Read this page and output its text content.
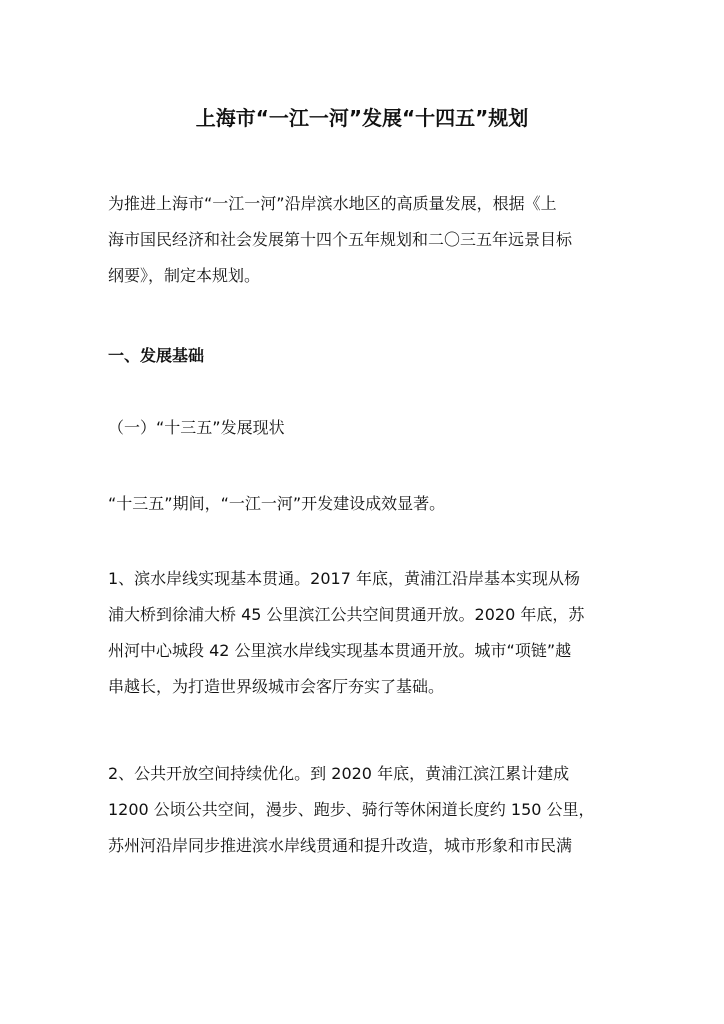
上海市“一江一河”发展“十四五”规划
为推进上海市“一江一河”沿岸滨水地区的高质量发展，根据《上
海市国民经济和社会发展第十四个五年规划和二〇三五年远景目标
纲要》，制定本规划。
一、发展基础
（一）“十三五”发展现状
“十三五”期间，“一江一河”开发建设成效显著。
1、滨水岸线实现基本贯通。2017 年底，黄浦江沿岸基本实现从杨
浦大桥到徐浦大桥 45 公里滨江公共空间贯通开放。2020 年底，苏
州河中心城段 42 公里滨水岸线实现基本贯通开放。城市“项链”越
串越长，为打造世界级城市会客厅夯实了基础。
2、公共开放空间持续优化。到 2020 年底，黄浦江滨江累计建成
1200 公顷公共空间，漫步、跑步、骑行等休闲道长度约 150 公里，
苏州河沿岸同步推进滨水岸线贯通和提升改造，城市形象和市民满
